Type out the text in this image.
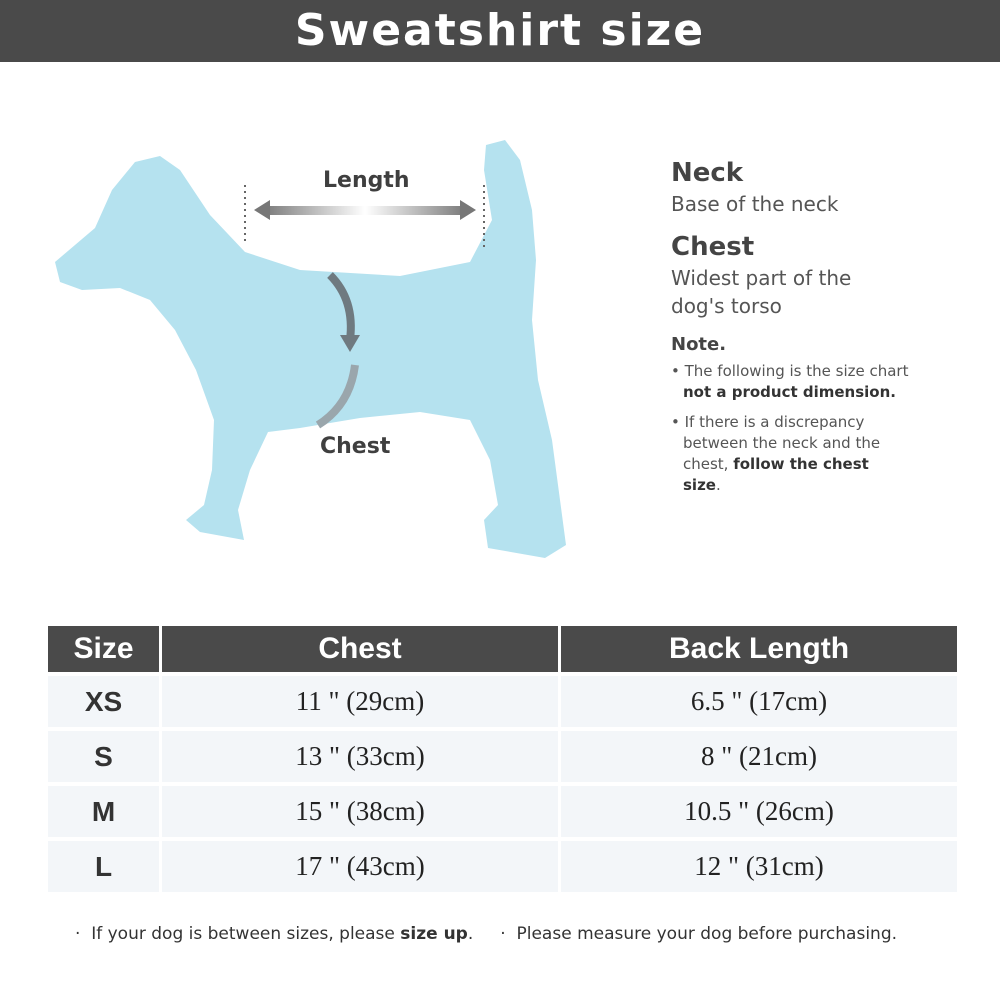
Sweatshirt size
Length
Chest
Neck

Base of the neck

Chest

Widest part of the dog's torso

Note.
• The following is the size chart not a product dimension.
• If there is a discrepancy between the neck and the chest, follow the chest size.
Size	Chest	Back Length
XS	11 " (29cm)	6.5 " (17cm)
S	13 " (33cm)	8 " (21cm)
M	15 " (38cm)	10.5 " (26cm)
L	17 " (43cm)	12 " (31cm)
·  If your dog is between sizes, please size up. ·  Please measure your dog before purchasing.
